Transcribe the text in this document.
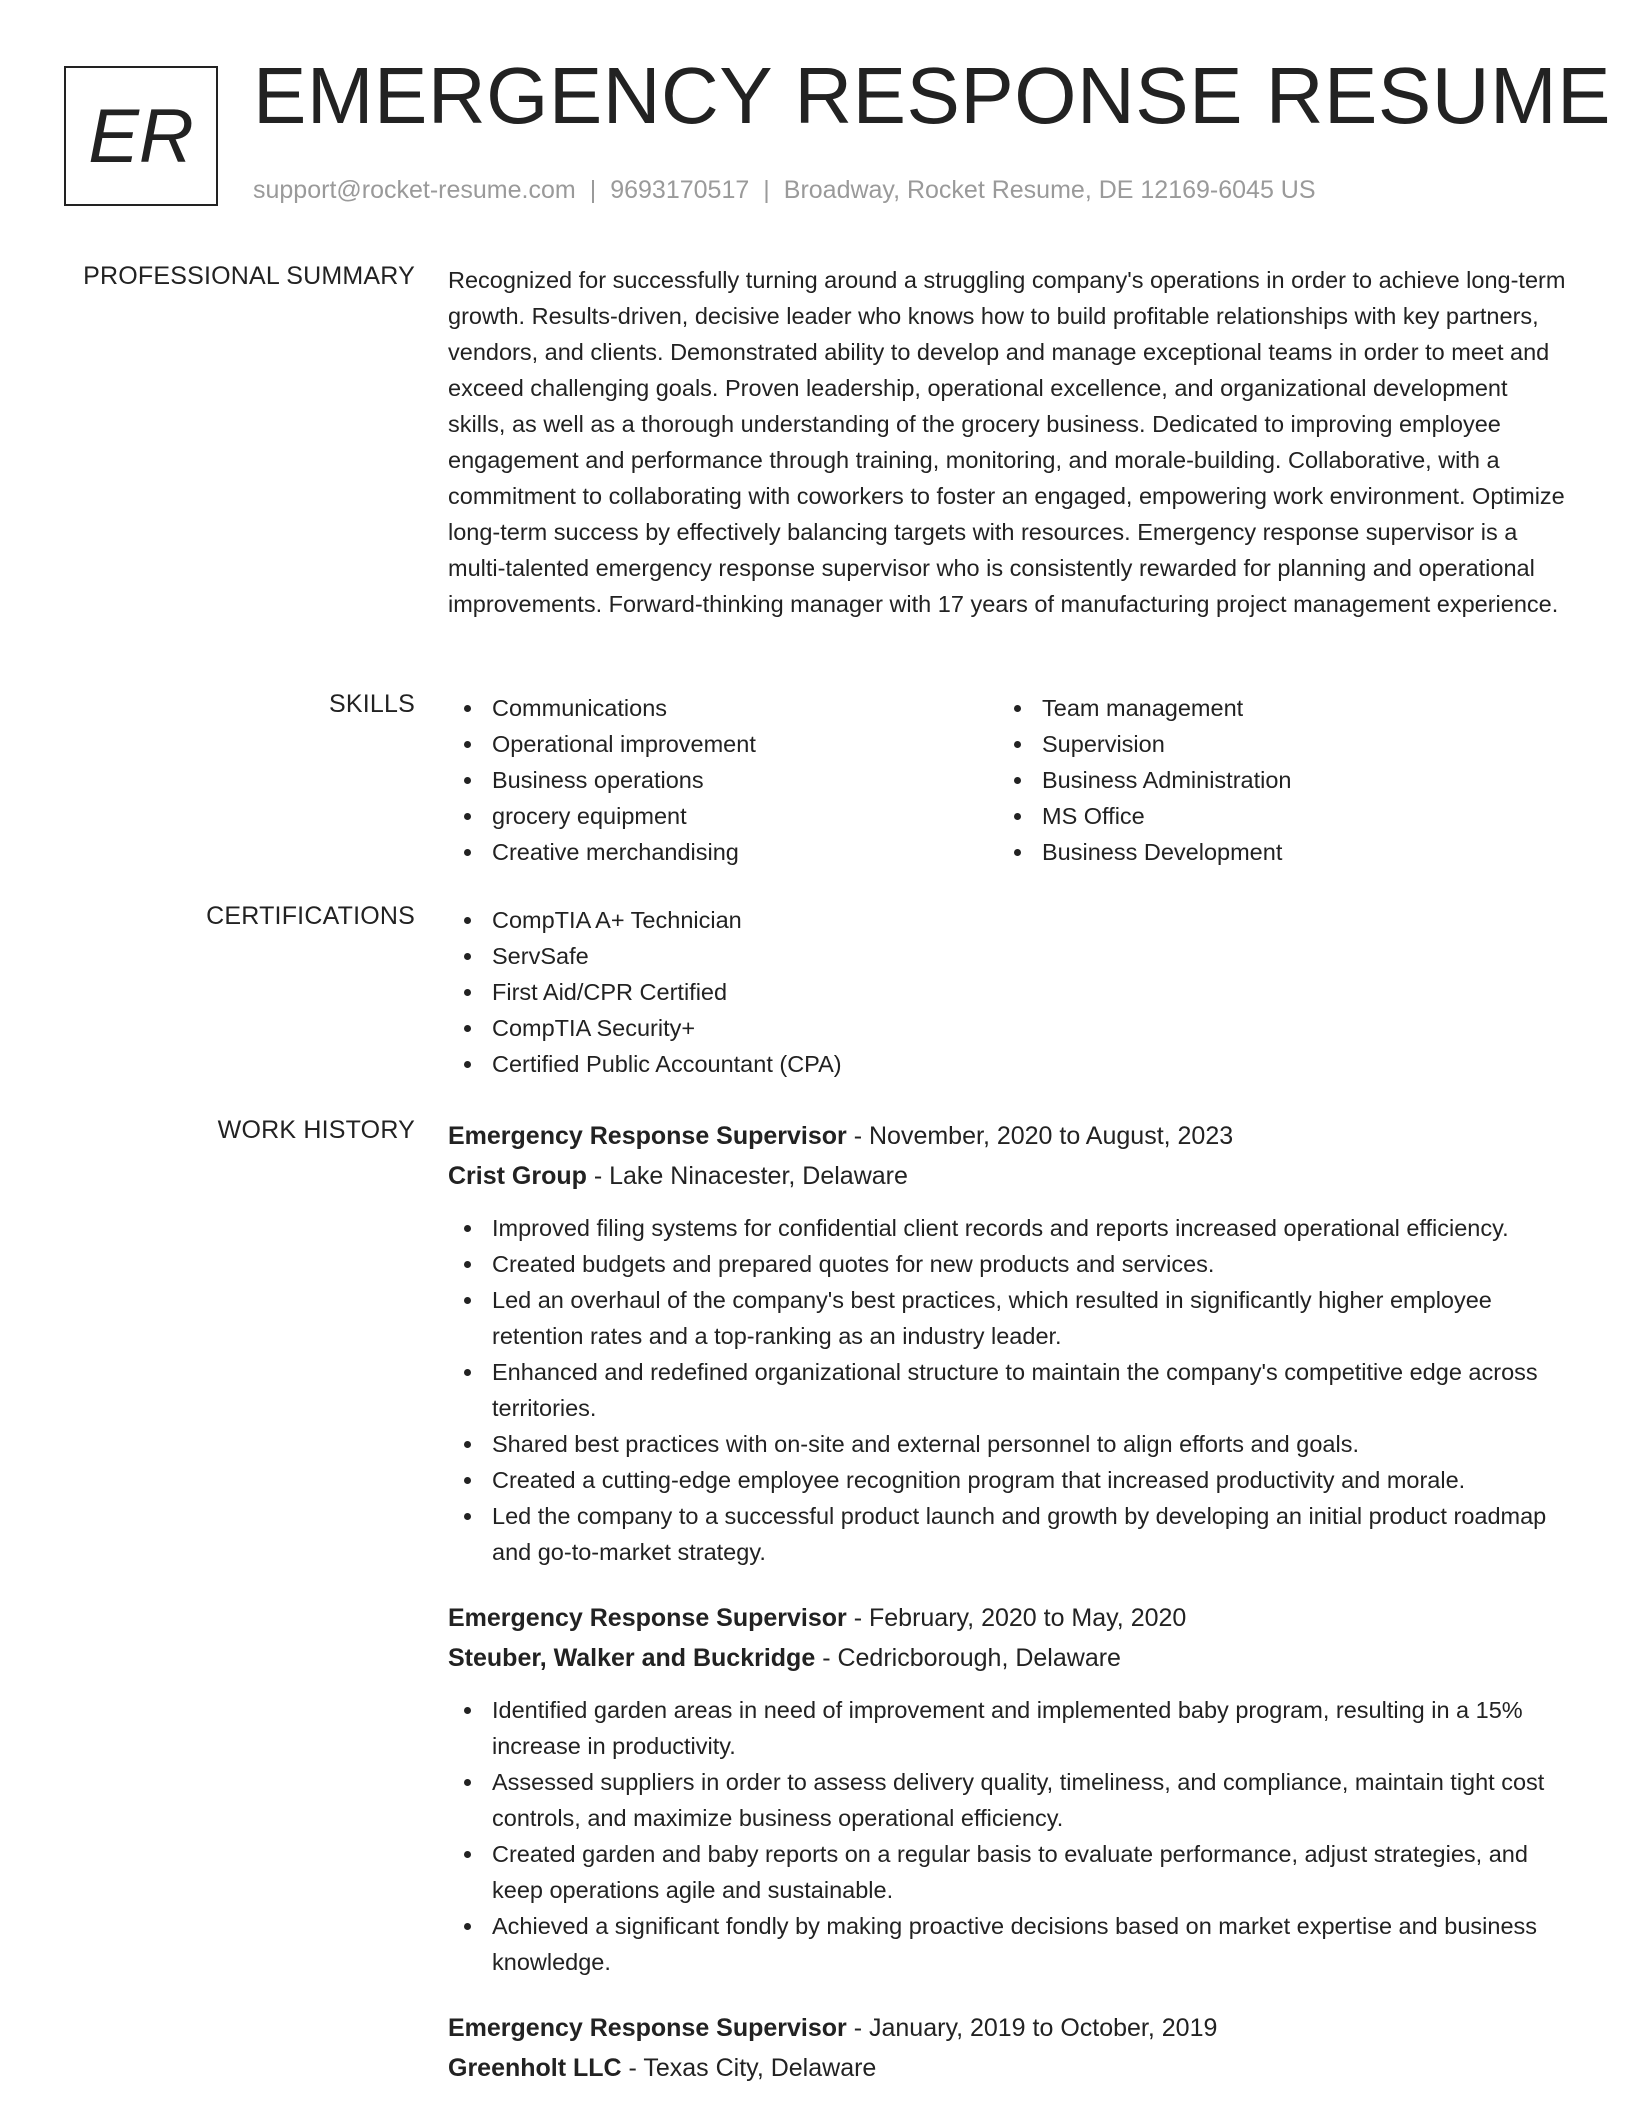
ER EMERGENCY RESPONSE RESUME
support@rocket-resume.com | 9693170517 | Broadway, Rocket Resume, DE 12169-6045 US
PROFESSIONAL SUMMARY Recognized for successfully turning around a struggling company's operations in order to achieve long-term growth. Results-driven, decisive leader who knows how to build profitable relationships with key partners, vendors, and clients. Demonstrated ability to develop and manage exceptional teams in order to meet and exceed challenging goals. Proven leadership, operational excellence, and organizational development skills, as well as a thorough understanding of the grocery business. Dedicated to improving employee engagement and performance through training, monitoring, and morale-building. Collaborative, with a commitment to collaborating with coworkers to foster an engaged, empowering work environment. Optimize long-term success by effectively balancing targets with resources. Emergency response supervisor is a multi-talented emergency response supervisor who is consistently rewarded for planning and operational improvements. Forward-thinking manager with 17 years of manufacturing project management experience.

SKILLS	Communications
Operational improvement
Business operations
grocery equipment
Creative merchandising
Team management
Supervision
Business Administration
MS Office
Business Development
CERTIFICATIONS	CompTIA A+ Technician
ServSafe
First Aid/CPR Certified
CompTIA Security+
Certified Public Accountant (CPA)
WORK HISTORY Emergency Response Supervisor - November, 2020 to August, 2023
Crist Group - Lake Ninacester, Delaware
Improved filing systems for confidential client records and reports increased operational efficiency.
Created budgets and prepared quotes for new products and services.
Led an overhaul of the company's best practices, which resulted in significantly higher employee retention rates and a top-ranking as an industry leader.
Enhanced and redefined organizational structure to maintain the company's competitive edge across territories.
Shared best practices with on-site and external personnel to align efforts and goals.
Created a cutting-edge employee recognition program that increased productivity and morale.
Led the company to a successful product launch and growth by developing an initial product roadmap and go-to-market strategy.
Emergency Response Supervisor - February, 2020 to May, 2020
Steuber, Walker and Buckridge - Cedricborough, Delaware
Identified garden areas in need of improvement and implemented baby program, resulting in a 15% increase in productivity.
Assessed suppliers in order to assess delivery quality, timeliness, and compliance, maintain tight cost controls, and maximize business operational efficiency.
Created garden and baby reports on a regular basis to evaluate performance, adjust strategies, and keep operations agile and sustainable.
Achieved a significant fondly by making proactive decisions based on market expertise and business knowledge.
Emergency Response Supervisor - January, 2019 to October, 2019
Greenholt LLC - Texas City, Delaware
